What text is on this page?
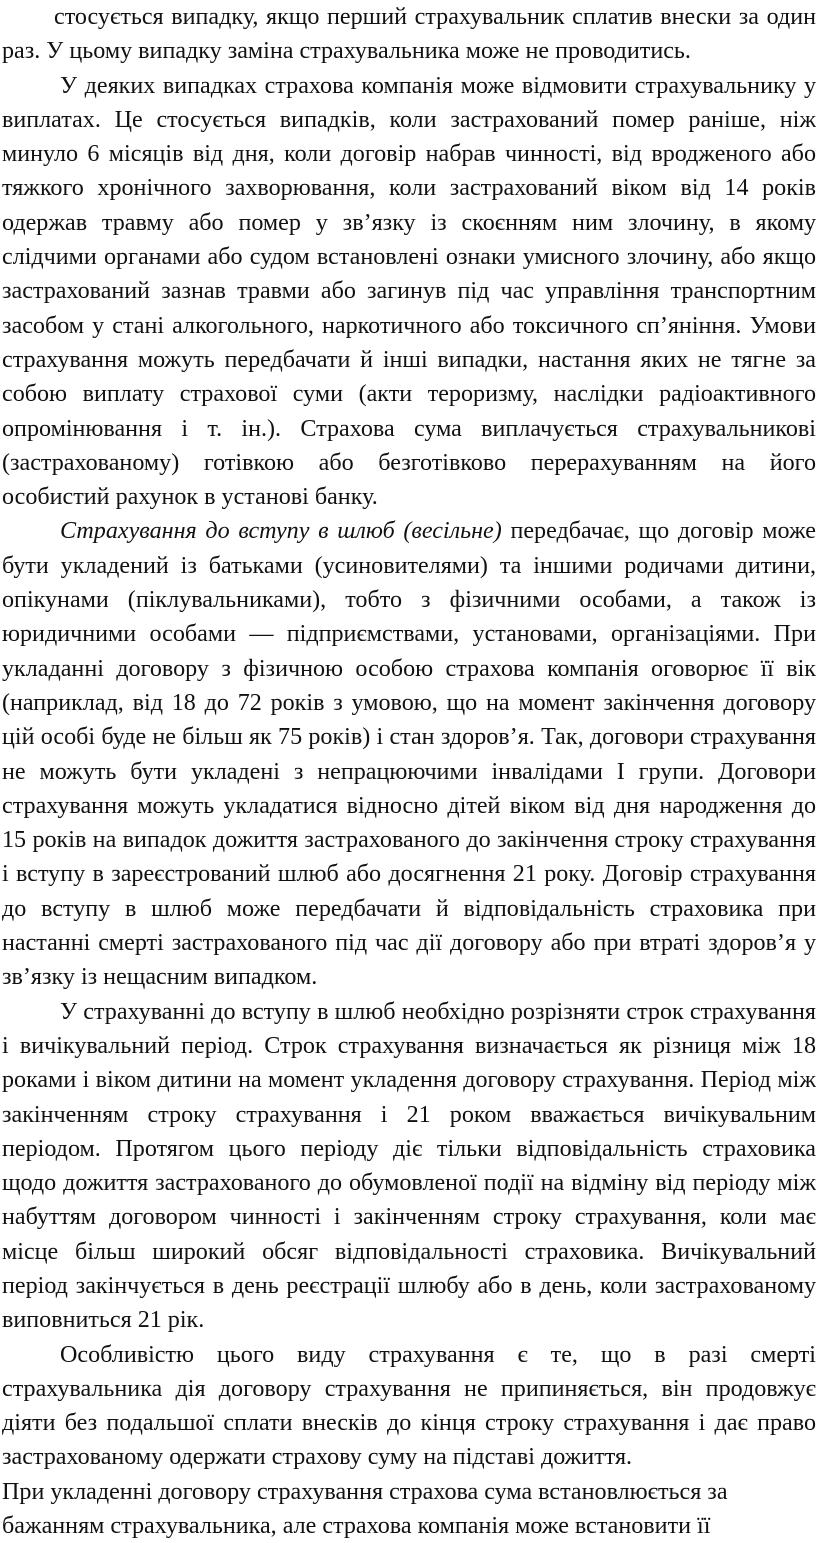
стосується випадку, якщо перший страхувальник сплатив внески за один раз. У цьому випадку заміна страхувальника може не проводитись.

У деяких випадках страхова компанія може відмовити страхувальнику у виплатах. Це стосується випадків, коли застрахований помер раніше, ніж минуло 6 місяців від дня, коли договір набрав чинності, від вродженого або тяжкого хронічного захворювання, коли застрахований віком від 14 років одержав травму або помер у зв’язку із скоєнням ним злочину, в якому слідчими органами або судом встановлені ознаки умисного злочину, або якщо застрахований зазнав травми або загинув під час управління транспортним засобом у стані алкогольного, наркотичного або токсичного сп’яніння. Умови страхування можуть передбачати й інші випадки, настання яких не тягне за собою виплату страхової суми (акти тероризму, наслідки радіоактивного опромінювання і т. ін.). Страхова сума виплачується страхувальникові (застрахованому) готівкою або безготівково перерахуванням на його особистий рахунок в установі банку.

Страхування до вступу в шлюб (весільне) передбачає, що договір може бути укладений із батьками (усиновителями) та іншими родичами дитини, опікунами (піклувальниками), тобто з фізичними особами, а також із юридичними особами — підприємствами, установами, організаціями. При укладанні договору з фізичною особою страхова компанія оговорює її вік (наприклад, від 18 до 72 років з умовою, що на момент закінчення договору цій особі буде не більш як 75 років) і стан здоров’я. Так, договори страхування не можуть бути укладені з непрацюючими інвалідами I групи. Договори страхування можуть укладатися відносно дітей віком від дня народження до 15 років на випадок дожиття застрахованого до закінчення строку страхування і вступу в зареєстрований шлюб або досягнення 21 року. Договір страхування до вступу в шлюб може передбачати й відповідальність страховика при настанні смерті застрахованого під час дії договору або при втраті здоров’я у зв’язку із нещасним випадком.

У страхуванні до вступу в шлюб необхідно розрізняти строк страхування і вичікувальний період. Строк страхування визначається як різниця між 18 роками і віком дитини на момент укладення договору страхування. Період між закінченням строку страхування і 21 роком вважається вичікувальним періодом. Протягом цього періоду діє тільки відповідальність страховика щодо дожиття застрахованого до обумовленої події на відміну від періоду між набуттям договором чинності і закінченням строку страхування, коли має місце більш широкий обсяг відповідальності страховика. Вичікувальний період закінчується в день реєстрації шлюбу або в день, коли застрахованому виповниться 21 рік.

Особливістю цього виду страхування є те, що в разі смерті страхувальника дія договору страхування не припиняється, він продовжує діяти без подальшої сплати внесків до кінця строку страхування і дає право застрахованому одержати страхову суму на підставі дожиття.

При укладенні договору страхування страхова сума встановлюється за
бажанням страхувальника, але страхова компанія може встановити її
